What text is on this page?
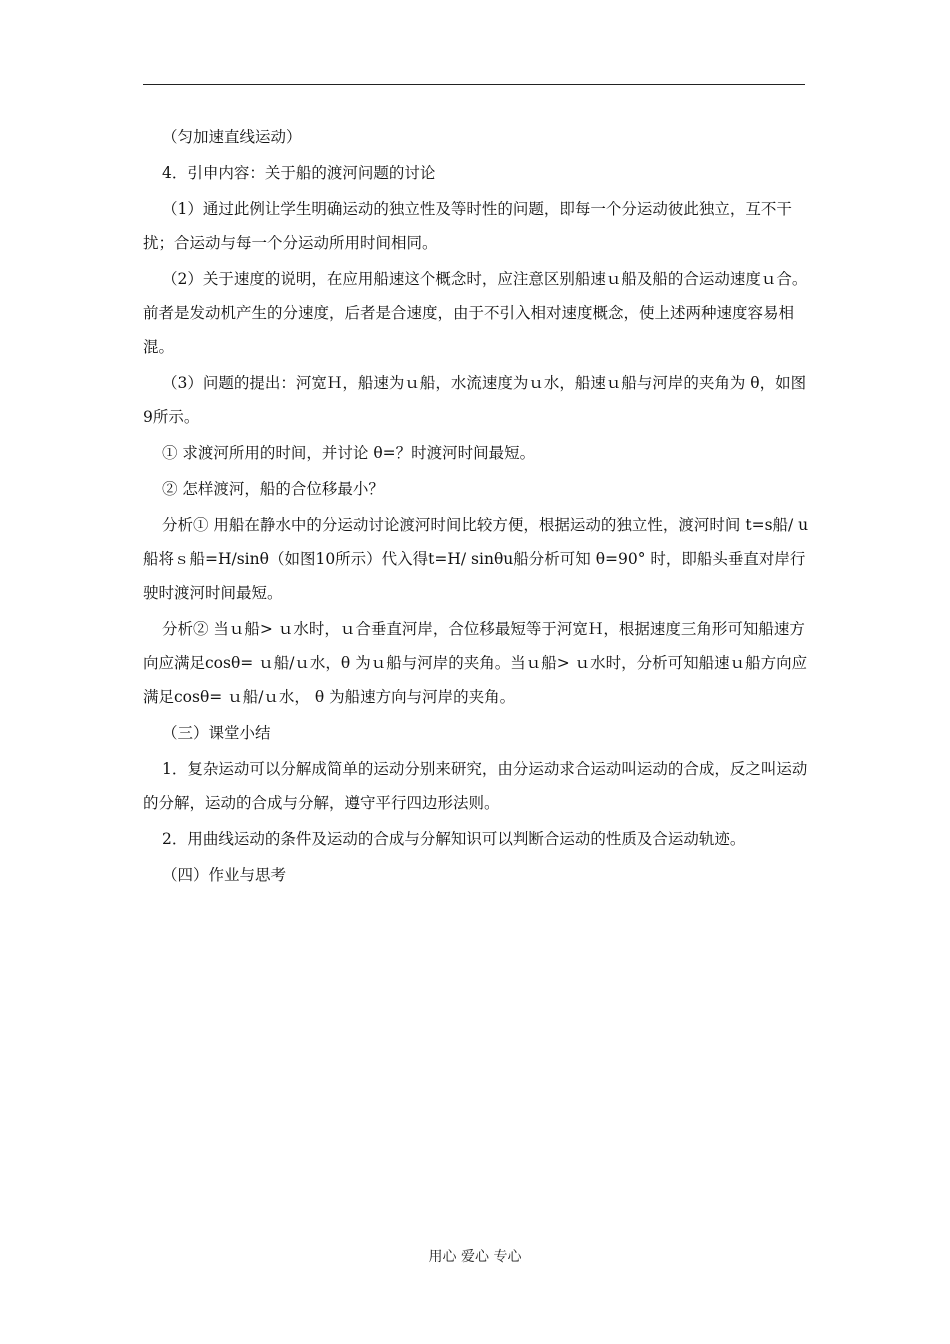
（匀加速直线运动）

4．引申内容：关于船的渡河问题的讨论

（1）通过此例让学生明确运动的独立性及等时性的问题，即每一个分运动彼此独立，互不干扰；合运动与每一个分运动所用时间相同。

（2）关于速度的说明，在应用船速这个概念时，应注意区别船速ｕ船及船的合运动速度ｕ合。前者是发动机产生的分速度，后者是合速度，由于不引入相对速度概念，使上述两种速度容易相混。

（3）问题的提出：河宽Ｈ，船速为ｕ船，水流速度为ｕ水，船速ｕ船与河岸的夹角为 θ，如图9所示。

① 求渡河所用的时间，并讨论 θ=？时渡河时间最短。

② 怎样渡河，船的合位移最小？

分析① 用船在静水中的分运动讨论渡河时间比较方便，根据运动的独立性，渡河时间 t=s船/ u船将ｓ船=H/sinθ（如图10所示）代入得t=H/ sinθu船分析可知 θ=90° 时，即船头垂直对岸行驶时渡河时间最短。

分析② 当ｕ船> ｕ水时，ｕ合垂直河岸，合位移最短等于河宽Ｈ，根据速度三角形可知船速方向应满足cosθ= ｕ船/ｕ水，θ 为ｕ船与河岸的夹角。当ｕ船> ｕ水时，分析可知船速ｕ船方向应满足cosθ= ｕ船/ｕ水， θ 为船速方向与河岸的夹角。

（三）课堂小结

1．复杂运动可以分解成简单的运动分别来研究，由分运动求合运动叫运动的合成，反之叫运动的分解，运动的合成与分解，遵守平行四边形法则。

2．用曲线运动的条件及运动的合成与分解知识可以判断合运动的性质及合运动轨迹。

（四）作业与思考

用心 爱心 专心
